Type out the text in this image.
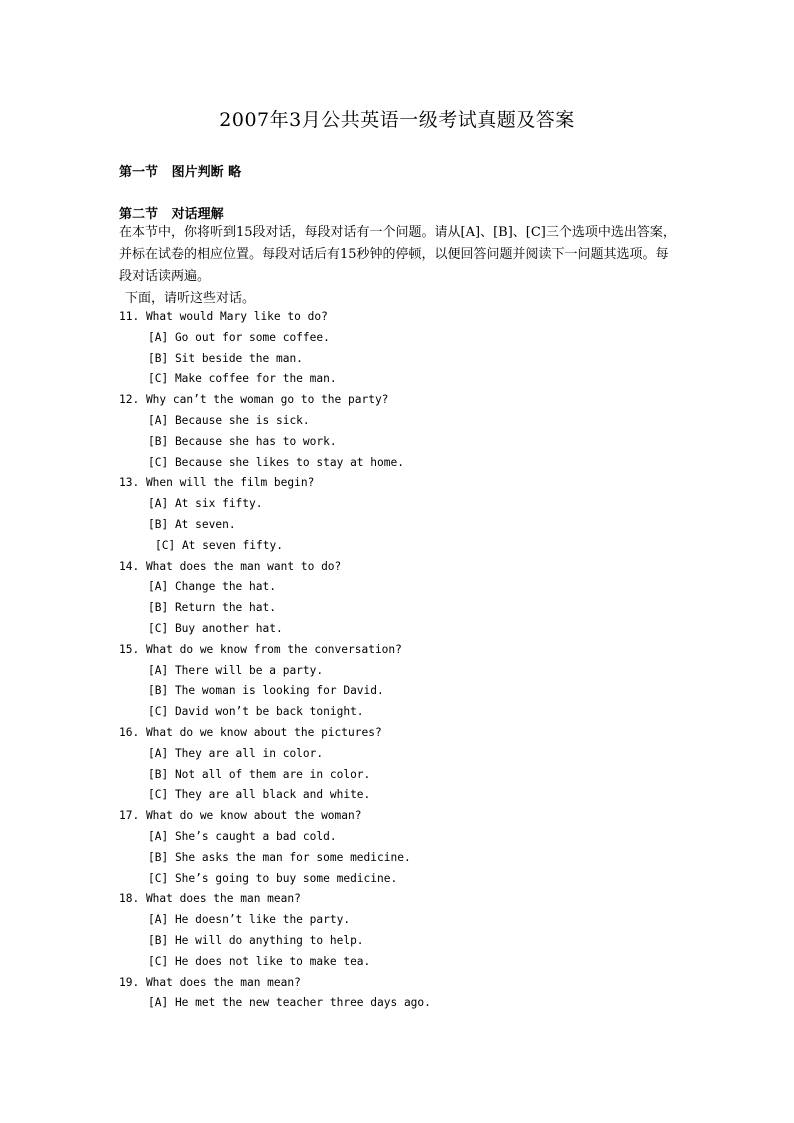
2007年3月公共英语一级考试真题及答案
第一节   图片判断 略
第二节   对话理解

在本节中，你将听到15段对话，每段对话有一个问题。请从[A]、[B]、[C]三个选项中选出答案，并标在试卷的相应位置。每段对话后有15秒钟的停顿，以便回答问题并阅读下一问题其选项。每段对话读两遍。

下面，请听这些对话。

11. What would Mary like to do?
[A] Go out for some coffee.
[B] Sit beside the man.
[C] Make coffee for the man.
12. Why can’t the woman go to the party?
[A] Because she is sick.
[B] Because she has to work.
[C] Because she likes to stay at home.
13. When will the film begin?
[A] At six fifty.
[B] At seven.
[C] At seven fifty.
14. What does the man want to do?
[A] Change the hat.
[B] Return the hat.
[C] Buy another hat.
15. What do we know from the conversation?
[A] There will be a party.
[B] The woman is looking for David.
[C] David won’t be back tonight.
16. What do we know about the pictures?
[A] They are all in color.
[B] Not all of them are in color.
[C] They are all black and white.
17. What do we know about the woman?
[A] She’s caught a bad cold.
[B] She asks the man for some medicine.
[C] She’s going to buy some medicine.
18. What does the man mean?
[A] He doesn’t like the party.
[B] He will do anything to help.
[C] He does not like to make tea.
19. What does the man mean?
[A] He met the new teacher three days ago.
